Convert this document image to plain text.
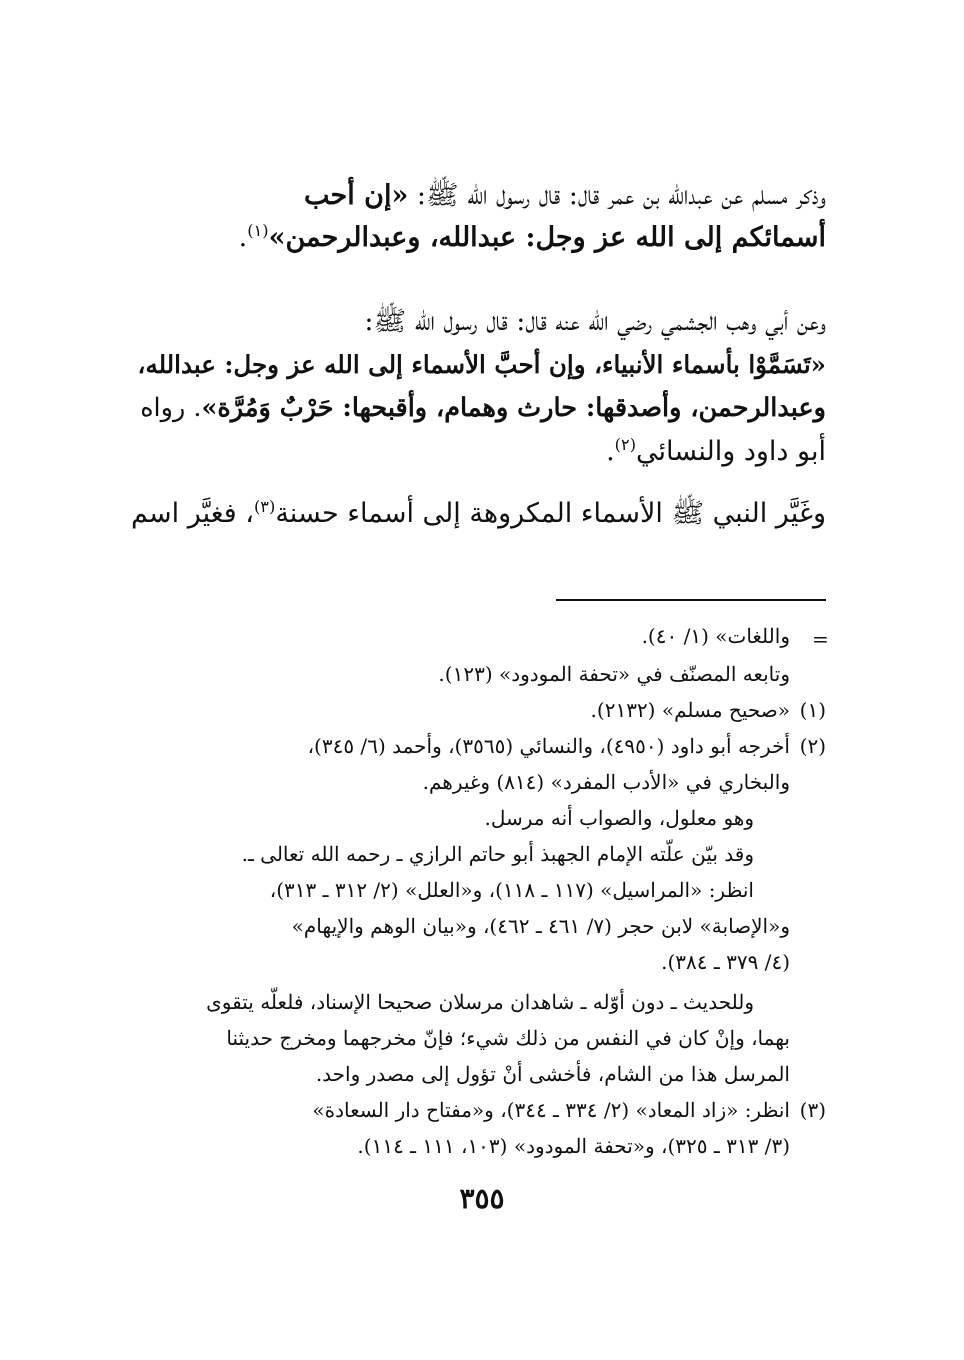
وذكر مسلم عن عبدالله بن عمر قال: قال رسول الله ﷺ: «إن أحب

أسمائكم إلى الله عز وجل: عبدالله، وعبدالرحمن»$^{(١)}$.

وعن أبي وهب الجشمي رضي الله عنه قال: قال رسول الله ﷺ:

«تَسَمَّوْا بأسماء الأنبياء، وإن أحبَّ الأسماء إلى الله عز وجل: عبدالله،

وعبدالرحمن، وأصدقها: حارث وهمام، وأقبحها: حَرْبٌ وَمُرَّة». رواه

أبو داود والنسائي$^{(٢)}$.

وغَيَّر النبي ﷺ الأسماء المكروهة إلى أسماء حسنة$^{(٣)}$، فغيَّر اسم

=

واللغات» (١/ ٤٠).

وتابعه المصنّف في «تحفة المودود» (١٢٣).

(١)«صحيح مسلم» (٢١٣٢).

(٢)أخرجه أبو داود (٤٩٥٠)، والنسائي (٣٥٦٥)، وأحمد (٦/ ٣٤٥)،

والبخاري في «الأدب المفرد» (٨١٤) وغيرهم.

وهو معلول، والصواب أنه مرسل.

وقد بيّن علّته الإمام الجهبذ أبو حاتم الرازي ـ رحمه الله تعالى ـ.

انظر: «المراسيل» (١١٧ ـ ١١٨)، و«العلل» (٢/ ٣١٢ ـ ٣١٣)،

و«الإصابة» لابن حجر (٧/ ٤٦١ ـ ٤٦٢)، و«بيان الوهم والإيهام»

(٤/ ٣٧٩ ـ ٣٨٤).

وللحديث ـ دون أوّله ـ شاهدان مرسلان صحيحا الإسناد، فلعلّه يتقوى

بهما، وإنْ كان في النفس من ذلك شيء؛ فإنّ مخرجهما ومخرج حديثنا

المرسل هذا من الشام، فأخشى أنْ تؤول إلى مصدر واحد.

(٣)انظر: «زاد المعاد» (٢/ ٣٣٤ ـ ٣٤٤)، و«مفتاح دار السعادة»

(٣/ ٣١٣ ـ ٣٢٥)، و«تحفة المودود» (١٠٣، ١١١ ـ ١١٤).

٣٥٥
